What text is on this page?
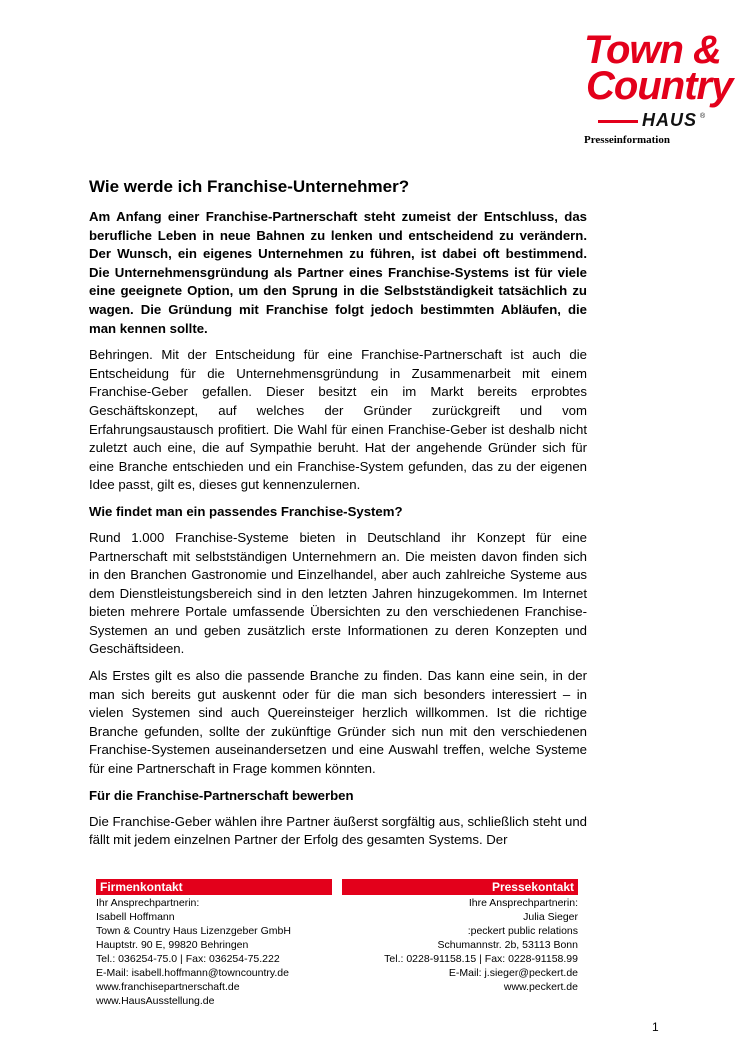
Town &
Country
HAUS ®
Presseinformation
Wie werde ich Franchise-Unternehmer?

Am Anfang einer Franchise-Partnerschaft steht zumeist der Entschluss, das berufliche Leben in neue Bahnen zu lenken und entscheidend zu verändern. Der Wunsch, ein eigenes Unternehmen zu führen, ist dabei oft bestimmend. Die Unternehmensgründung als Partner eines Franchise-Systems ist für viele eine geeignete Option, um den Sprung in die Selbstständigkeit tatsächlich zu wagen. Die Gründung mit Franchise folgt jedoch bestimmten Abläufen, die man kennen sollte.

Behringen. Mit der Entscheidung für eine Franchise-Partnerschaft ist auch die Entscheidung für die Unternehmensgründung in Zusammenarbeit mit einem Franchise-Geber gefallen. Dieser besitzt ein im Markt bereits erprobtes Geschäftskonzept, auf welches der Gründer zurückgreift und vom Erfahrungsaustausch profitiert. Die Wahl für einen Franchise-Geber ist deshalb nicht zuletzt auch eine, die auf Sympathie beruht. Hat der angehende Gründer sich für eine Branche entschieden und ein Franchise-System gefunden, das zu der eigenen Idee passt, gilt es, dieses gut kennenzulernen.

Wie findet man ein passendes Franchise-System?

Rund 1.000 Franchise-Systeme bieten in Deutschland ihr Konzept für eine Partnerschaft mit selbstständigen Unternehmern an. Die meisten davon finden sich in den Branchen Gastronomie und Einzelhandel, aber auch zahlreiche Systeme aus dem Dienstleistungsbereich sind in den letzten Jahren hinzugekommen. Im Internet bieten mehrere Portale umfassende Übersichten zu den verschiedenen Franchise-Systemen an und geben zusätzlich erste Informationen zu deren Konzepten und Geschäftsideen.

Als Erstes gilt es also die passende Branche zu finden. Das kann eine sein, in der man sich bereits gut auskennt oder für die man sich besonders interessiert – in vielen Systemen sind auch Quereinsteiger herzlich willkommen. Ist die richtige Branche gefunden, sollte der zukünftige Gründer sich nun mit den verschiedenen Franchise-Systemen auseinandersetzen und eine Auswahl treffen, welche Systeme für eine Partnerschaft in Frage kommen könnten.

Für die Franchise-Partnerschaft bewerben

Die Franchise-Geber wählen ihre Partner äußerst sorgfältig aus, schließlich steht und fällt mit jedem einzelnen Partner der Erfolg des gesamten Systems. Der

Firmenkontakt
Ihr Ansprechpartnerin:
Isabell Hoffmann
Town & Country Haus Lizenzgeber GmbH
Hauptstr. 90 E, 99820 Behringen
Tel.: 036254-75.0 | Fax: 036254-75.222
E-Mail: isabell.hoffmann@towncountry.de
www.franchisepartnerschaft.de
www.HausAusstellung.de
Pressekontakt
Ihre Ansprechpartnerin:
Julia Sieger
:peckert public relations
Schumannstr. 2b, 53113 Bonn
Tel.: 0228-91158.15 | Fax: 0228-91158.99
E-Mail: j.sieger@peckert.de
www.peckert.de
1
